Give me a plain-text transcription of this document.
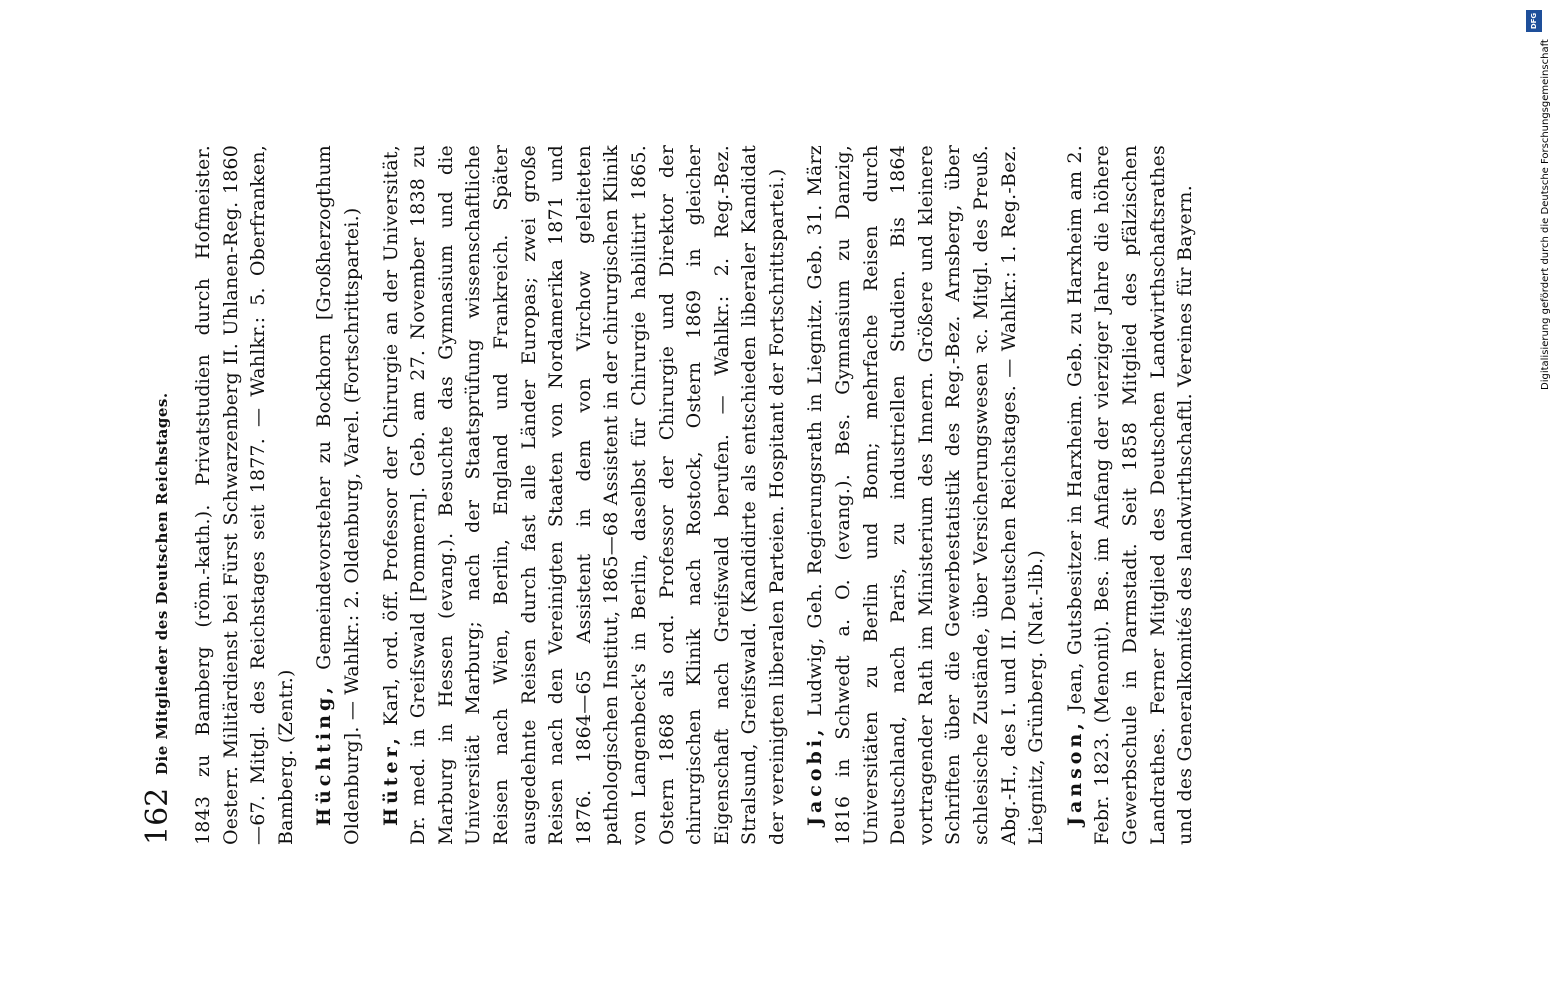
162
Die Mitglieder des Deutschen Reichstages. 1843 zu Bamberg (röm.-kath.). Privatstudien durch Hofmeister. Oesterr. Militärdienst bei Fürst Schwarzenberg II. Uhlanen-Reg. 1860—67. Mitgl. des Reichstages seit 1877. — Wahlkr.: 5. Oberfranken, Bamberg. (Zentr.)

  Hüchting, Gemeindevorsteher zu Bockhorn [Großherzogthum Oldenburg]. — Wahlkr.: 2. Oldenburg, Varel. (Fortschrittspartei.)

  Hüter, Karl, ord. öff. Professor der Chirurgie an der Universität, Dr. med. in Greifswald [Pommern]. Geb. am 27. November 1838 zu Marburg in Hessen (evang.). Besuchte das Gymnasium und die Universität Marburg; nach der Staatsprüfung wissenschaftliche Reisen nach Wien, Berlin, England und Frankreich. Später ausgedehnte Reisen durch fast alle Länder Europas; zwei große Reisen nach den Vereinigten Staaten von Nordamerika 1871 und 1876. 1864—65 Assistent in dem von Virchow geleiteten pathologischen Institut, 1865—68 Assistent in der chirurgischen Klinik von Langenbeck's in Berlin, daselbst für Chirurgie habilitirt 1865. Ostern 1868 als ord. Professor der Chirurgie und Direktor der chirurgischen Klinik nach Rostock, Ostern 1869 in gleicher Eigenschaft nach Greifswald berufen. — Wahlkr.: 2. Reg.-Bez. Stralsund, Greifswald. (Kandidirte als entschieden liberaler Kandidat der vereinigten liberalen Parteien. Hospitant der Fortschrittspartei.)

  Jacobi, Ludwig, Geh. Regierungsrath in Liegnitz. Geb. 31. März 1816 in Schwedt a. O. (evang.). Bes. Gymnasium zu Danzig, Universitäten zu Berlin und Bonn; mehrfache Reisen durch Deutschland, nach Paris, zu industriellen Studien. Bis 1864 vortragender Rath im Ministerium des Innern. Größere und kleinere Schriften über die Gewerbestatistik des Reg.-Bez. Arnsberg, über schlesische Zustände, über Versicherungswesen ꝛc. Mitgl. des Preuß. Abg.-H., des I. und II. Deutschen Reichstages. — Wahlkr.: 1. Reg.-Bez. Liegnitz, Grünberg. (Nat.-lib.)

  Janson, Jean, Gutsbesitzer in Harxheim. Geb. zu Harxheim am 2. Febr. 1823. (Menonit). Bes. im Anfang der vierziger Jahre die höhere Gewerbschule in Darmstadt. Seit 1858 Mitglied des pfälzischen Landrathes. Ferner Mitglied des Deutschen Landwirthschaftsrathes und des Generalkomités des landwirthschaftl. Vereines für Bayern.

DFG
Digitalisierung gefördert durch die Deutsche Forschungsgemeinschaft
